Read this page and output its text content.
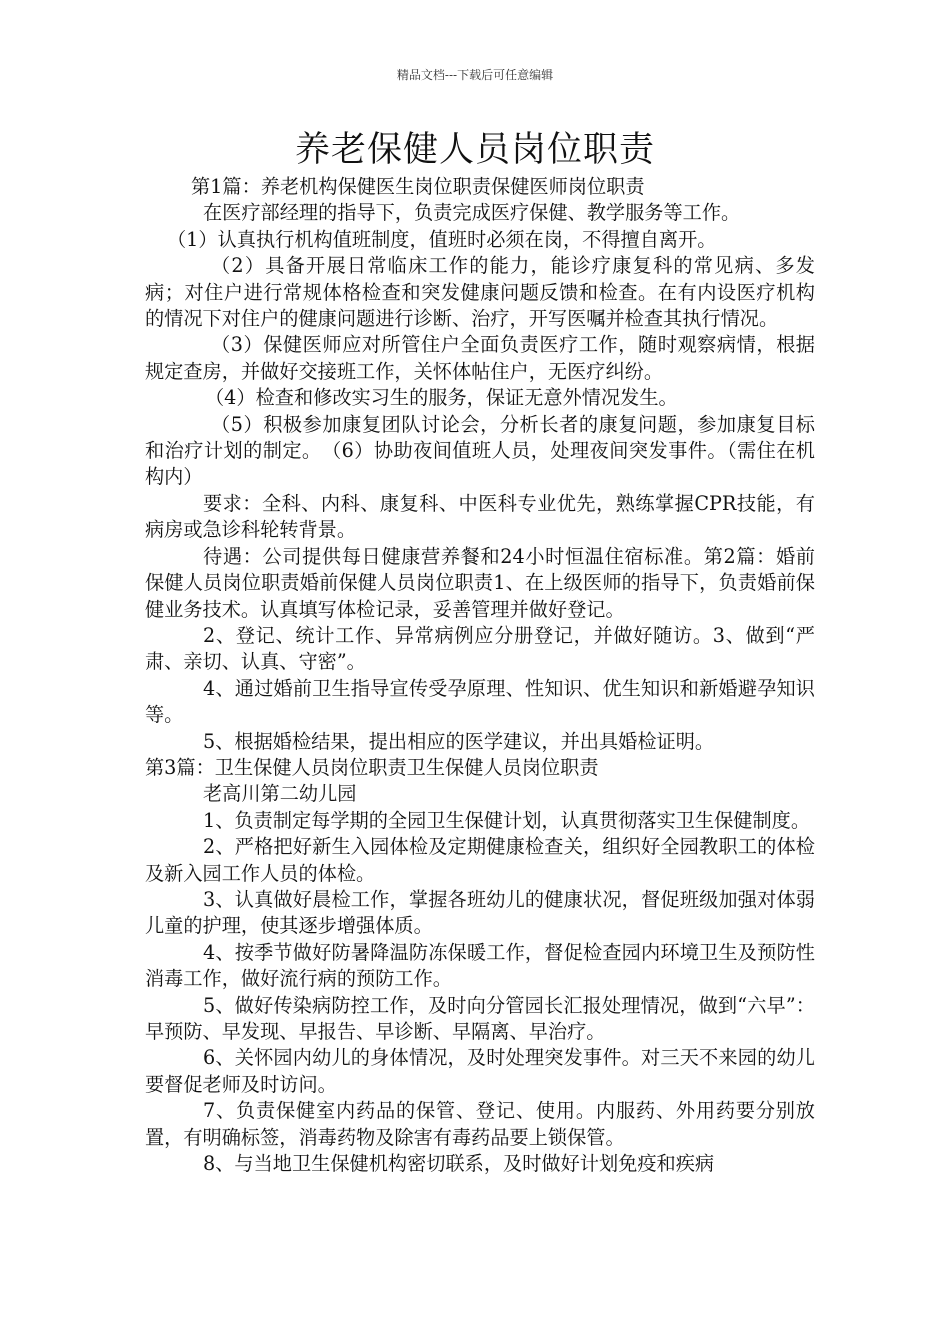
精品文档---下载后可任意编辑
养老保健人员岗位职责

第1篇：养老机构保健医生岗位职责保健医师岗位职责

在医疗部经理的指导下，负责完成医疗保健、教学服务等工作。

（1）认真执行机构值班制度，值班时必须在岗，不得擅自离开。

（2）具备开展日常临床工作的能力，能诊疗康复科的常见病、多发病；对住户进行常规体格检查和突发健康问题反馈和检查。在有内设医疗机构的情况下对住户的健康问题进行诊断、治疗，开写医嘱并检查其执行情况。

（3）保健医师应对所管住户全面负责医疗工作，随时观察病情，根据规定查房，并做好交接班工作，关怀体帖住户，无医疗纠纷。

（4）检查和修改实习生的服务，保证无意外情况发生。

（5）积极参加康复团队讨论会，分析长者的康复问题，参加康复目标和治疗计划的制定。　（6）协助夜间值班人员，处理夜间突发事件。（需住在机构内）

要求：全科、内科、康复科、中医科专业优先，熟练掌握CPR技能，有病房或急诊科轮转背景。

待遇：公司提供每日健康营养餐和24小时恒温住宿标准。第2篇：婚前保健人员岗位职责婚前保健人员岗位职责1、在上级医师的指导下，负责婚前保健业务技术。认真填写体检记录，妥善管理并做好登记。

2、登记、统计工作、异常病例应分册登记，并做好随访。3、做到“严肃、亲切、认真、守密”。

4、通过婚前卫生指导宣传受孕原理、性知识、优生知识和新婚避孕知识等。

5、根据婚检结果，提出相应的医学建议，并出具婚检证明。

第3篇：卫生保健人员岗位职责卫生保健人员岗位职责

老高川第二幼儿园

1、负责制定每学期的全园卫生保健计划，认真贯彻落实卫生保健制度。

2、严格把好新生入园体检及定期健康检查关，组织好全园教职工的体检及新入园工作人员的体检。

3、认真做好晨检工作，掌握各班幼儿的健康状况，督促班级加强对体弱儿童的护理，使其逐步增强体质。

4、按季节做好防暑降温防冻保暖工作，督促检查园内环境卫生及预防性消毒工作，做好流行病的预防工作。

5、做好传染病防控工作，及时向分管园长汇报处理情况，做到“六早”：早预防、早发现、早报告、早诊断、早隔离、早治疗。

6、关怀园内幼儿的身体情况，及时处理突发事件。对三天不来园的幼儿要督促老师及时访问。

7、负责保健室内药品的保管、登记、使用。内服药、外用药要分别放置，有明确标签，消毒药物及除害有毒药品要上锁保管。

8、与当地卫生保健机构密切联系，及时做好计划免疫和疾病
